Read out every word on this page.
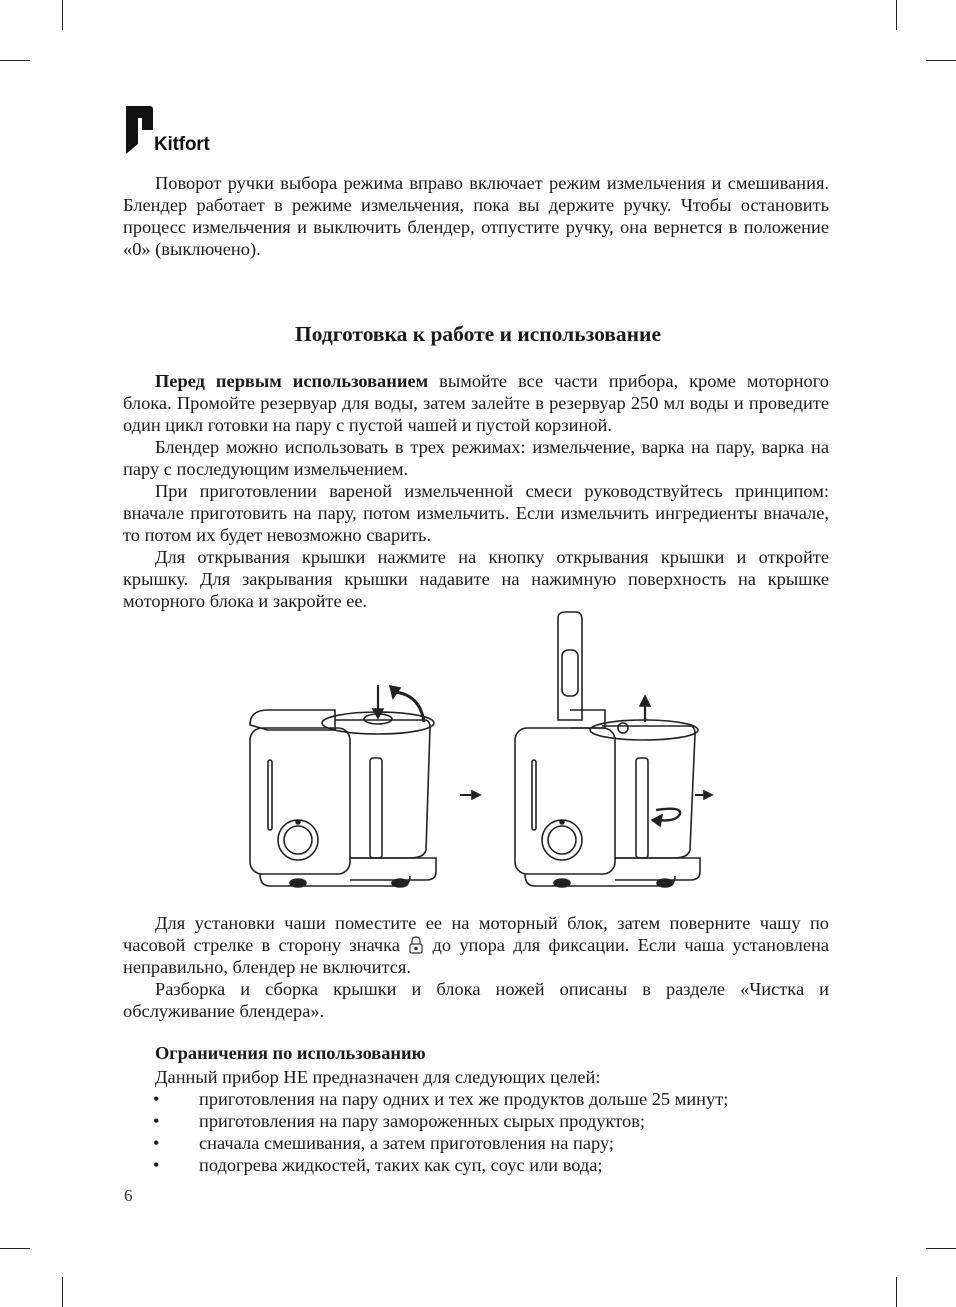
Kitfort

Поворот ручки выбора режима вправо включает режим измельчения и смешивания. Блендер работает в режиме измельчения, пока вы держите ручку. Чтобы остановить процесс измельчения и выключить блендер, отпустите ручку, она вернется в положение «0» (выключено).

Подготовка к работе и использование

Перед первым использованием вымойте все части прибора, кроме моторного блока. Промойте резервуар для воды, затем залейте в резервуар 250 мл воды и проведите один цикл готовки на пару с пустой чашей и пустой корзиной.

Блендер можно использовать в трех режимах: измельчение, варка на пару, варка на пару с последующим измельчением.

При приготовлении вареной измельченной смеси руководствуйтесь принципом: вначале приготовить на пару, потом измельчить. Если измельчить ингредиенты вначале, то потом их будет невозможно сварить.

Для открывания крышки нажмите на кнопку открывания крышки и откройте крышку. Для закрывания крышки надавите на нажимную поверхность на крышке моторного блока и закройте ее.

Для установки чаши поместите ее на моторный блок, затем поверните чашу по часовой стрелке в сторону значка  до упора для фиксации. Если чаша установлена неправильно, блендер не включится.

Разборка и сборка крышки и блока ножей описаны в разделе «Чистка и обслуживание блендера».

Ограничения по использованию
Данный прибор НЕ предназначен для следующих целей:
• приготовления на пару одних и тех же продуктов дольше 25 минут;
• приготовления на пару замороженных сырых продуктов;
• сначала смешивания, а затем приготовления на пару;
• подогрева жидкостей, таких как суп, соус или вода;
6
